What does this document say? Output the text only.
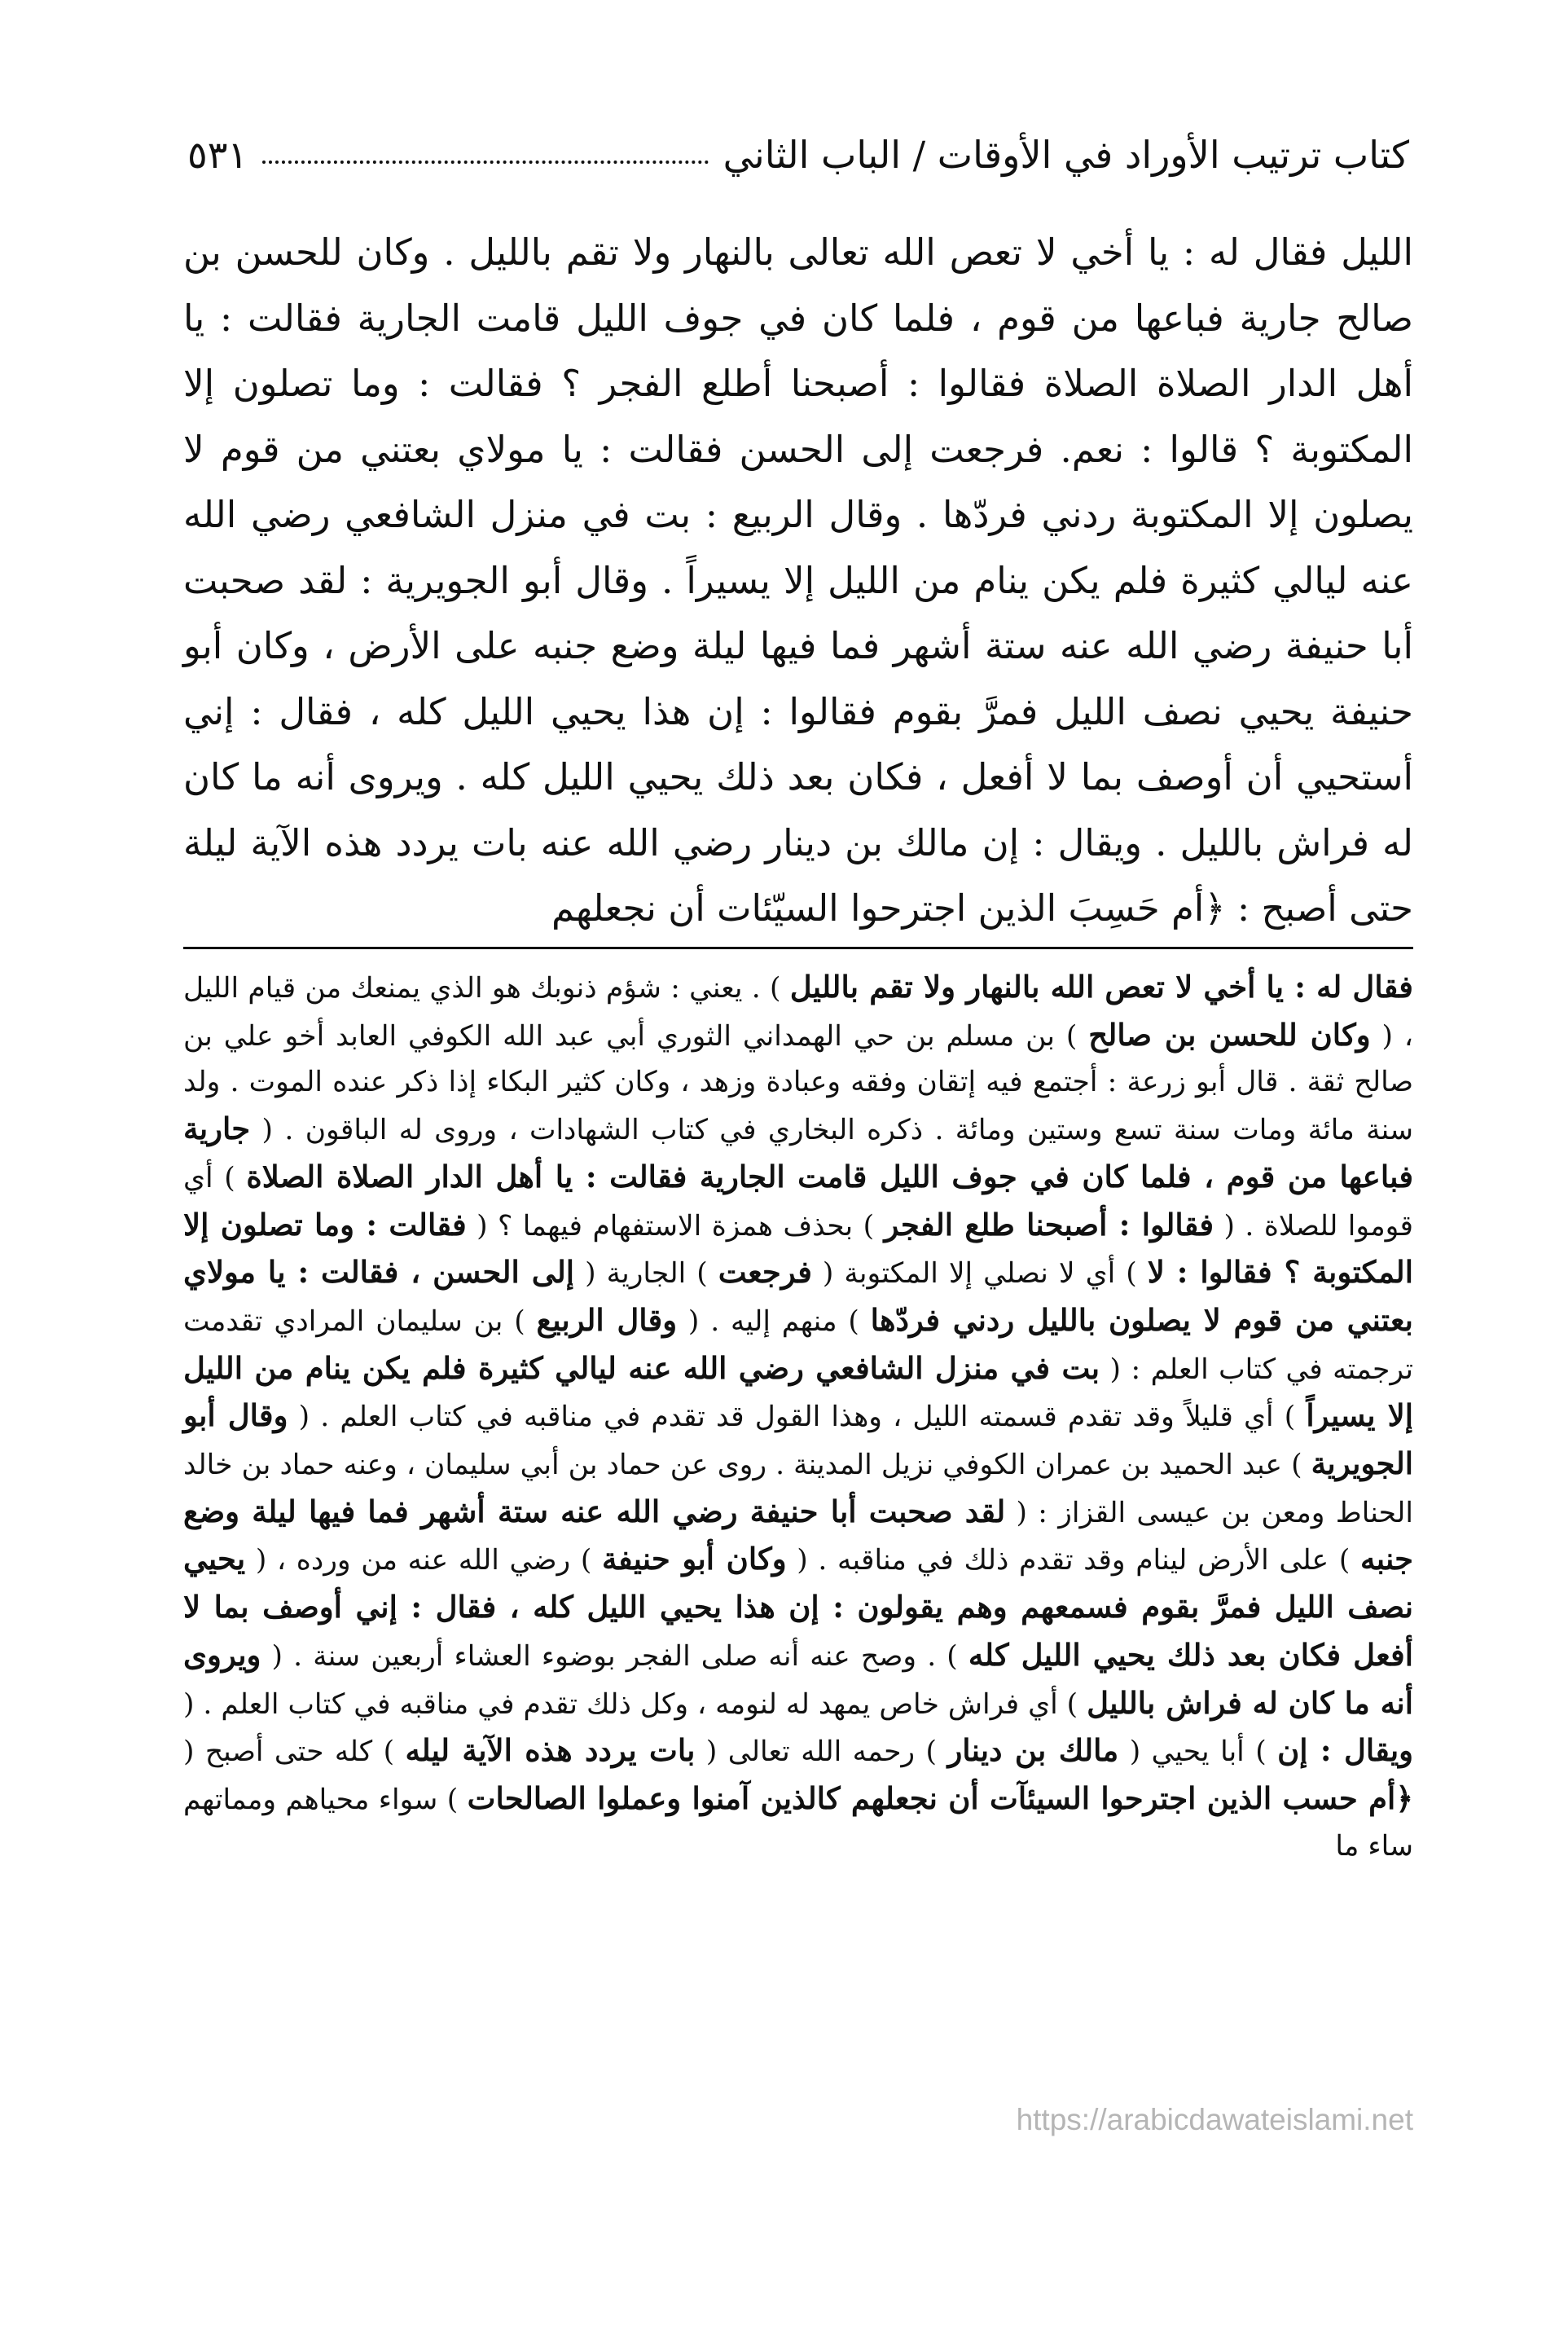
كتاب ترتيب الأوراد في الأوقات / الباب الثاني
٥٣١

الليل فقال له : يا أخي لا تعص الله تعالى بالنهار ولا تقم بالليل . وكان للحسن بن صالح جارية فباعها من قوم ، فلما كان في جوف الليل قامت الجارية فقالت : يا أهل الدار الصلاة الصلاة فقالوا : أصبحنا أطلع الفجر ؟ فقالت : وما تصلون إلا المكتوبة ؟ قالوا : نعم. فرجعت إلى الحسن فقالت : يا مولاي بعتني من قوم لا يصلون إلا المكتوبة ردني فردّها . وقال الربيع : بت في منزل الشافعي رضي الله عنه ليالي كثيرة فلم يكن ينام من الليل إلا يسيراً . وقال أبو الجويرية : لقد صحبت أبا حنيفة رضي الله عنه ستة أشهر فما فيها ليلة وضع جنبه على الأرض ، وكان أبو حنيفة يحيي نصف الليل فمرَّ بقوم فقالوا : إن هذا يحيي الليل كله ، فقال : إني أستحيي أن أوصف بما لا أفعل ، فكان بعد ذلك يحيي الليل كله . ويروى أنه ما كان له فراش بالليل . ويقال : إن مالك بن دينار رضي الله عنه بات يردد هذه الآية ليلة حتى أصبح : ﴿أم حَسِبَ الذين اجترحوا السيّئات أن نجعلهم

فقال له : يا أخي لا تعص الله بالنهار ولا تقم بالليل ) . يعني : شؤم ذنوبك هو الذي يمنعك من قيام الليل ، ( وكان للحسن بن صالح ) بن مسلم بن حي الهمداني الثوري أبي عبد الله الكوفي العابد أخو علي بن صالح ثقة . قال أبو زرعة : أجتمع فيه إتقان وفقه وعبادة وزهد ، وكان كثير البكاء إذا ذكر عنده الموت . ولد سنة مائة ومات سنة تسع وستين ومائة . ذكره البخاري في كتاب الشهادات ، وروى له الباقون . ( جارية فباعها من قوم ، فلما كان في جوف الليل قامت الجارية فقالت : يا أهل الدار الصلاة الصلاة ) أي قوموا للصلاة . ( فقالوا : أصبحنا طلع الفجر ) بحذف همزة الاستفهام فيهما ؟ ( فقالت : وما تصلون إلا المكتوبة ؟ فقالوا : لا ) أي لا نصلي إلا المكتوبة ( فرجعت ) الجارية ( إلى الحسن ، فقالت : يا مولاي بعتني من قوم لا يصلون بالليل ردني فردّها ) منهم إليه . ( وقال الربيع ) بن سليمان المرادي تقدمت ترجمته في كتاب العلم : ( بت في منزل الشافعي رضي الله عنه ليالي كثيرة فلم يكن ينام من الليل إلا يسيراً ) أي قليلاً وقد تقدم قسمته الليل ، وهذا القول قد تقدم في مناقبه في كتاب العلم . ( وقال أبو الجويرية ) عبد الحميد بن عمران الكوفي نزيل المدينة . روى عن حماد بن أبي سليمان ، وعنه حماد بن خالد الحناط ومعن بن عيسى القزاز : ( لقد صحبت أبا حنيفة رضي الله عنه ستة أشهر فما فيها ليلة وضع جنبه ) على الأرض لينام وقد تقدم ذلك في مناقبه . ( وكان أبو حنيفة ) رضي الله عنه من ورده ، ( يحيي نصف الليل فمرَّ بقوم فسمعهم وهم يقولون : إن هذا يحيي الليل كله ، فقال : إني أوصف بما لا أفعل فكان بعد ذلك يحيي الليل كله ) . وصح عنه أنه صلى الفجر بوضوء العشاء أربعين سنة . ( ويروى أنه ما كان له فراش بالليل ) أي فراش خاص يمهد له لنومه ، وكل ذلك تقدم في مناقبه في كتاب العلم . ( ويقال : إن ) أبا يحيي ( مالك بن دينار ) رحمه الله تعالى ( بات يردد هذه الآية ليله ) كله حتى أصبح ( ﴿أم حسب الذين اجترحوا السيئآت أن نجعلهم كالذين آمنوا وعملوا الصالحات ) سواء محياهم ومماتهم ساء ما

https://arabicdawateislami.net
